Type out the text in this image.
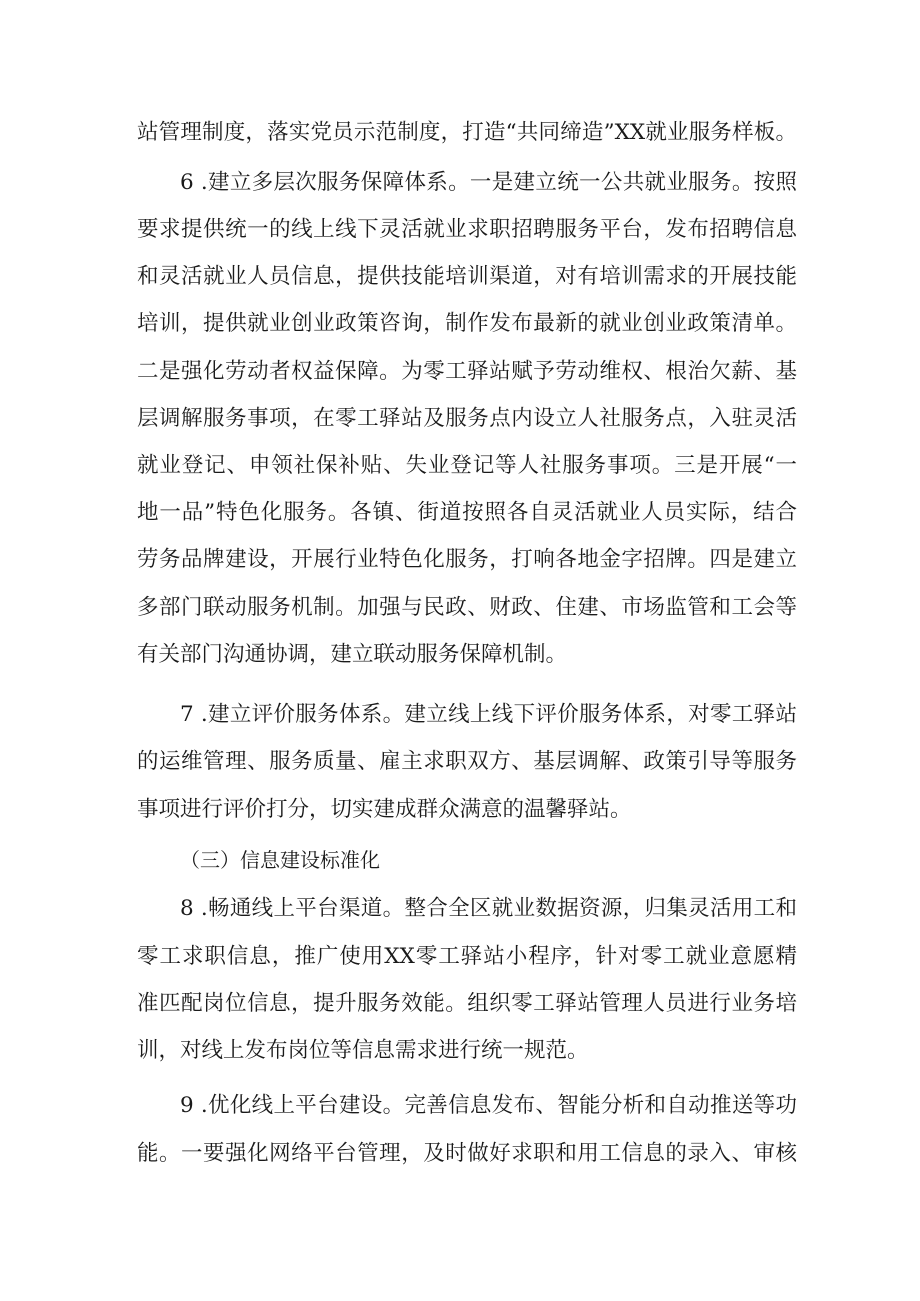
站管理制度，落实党员示范制度，打造“共同缔造”XX就业服务样板。
6 .建立多层次服务保障体系。一是建立统一公共就业服务。按照
要求提供统一的线上线下灵活就业求职招聘服务平台，发布招聘信息
和灵活就业人员信息，提供技能培训渠道，对有培训需求的开展技能
培训，提供就业创业政策咨询，制作发布最新的就业创业政策清单。
二是强化劳动者权益保障。为零工驿站赋予劳动维权、根治欠薪、基
层调解服务事项，在零工驿站及服务点内设立人社服务点，入驻灵活
就业登记、申领社保补贴、失业登记等人社服务事项。三是开展“一
地一品”特色化服务。各镇、街道按照各自灵活就业人员实际，结合
劳务品牌建设，开展行业特色化服务，打响各地金字招牌。四是建立
多部门联动服务机制。加强与民政、财政、住建、市场监管和工会等
有关部门沟通协调，建立联动服务保障机制。
7 .建立评价服务体系。建立线上线下评价服务体系，对零工驿站
的运维管理、服务质量、雇主求职双方、基层调解、政策引导等服务
事项进行评价打分，切实建成群众满意的温馨驿站。
（三）信息建设标准化
8 .畅通线上平台渠道。整合全区就业数据资源，归集灵活用工和
零工求职信息，推广使用XX零工驿站小程序，针对零工就业意愿精
准匹配岗位信息，提升服务效能。组织零工驿站管理人员进行业务培
训，对线上发布岗位等信息需求进行统一规范。
9 .优化线上平台建设。完善信息发布、智能分析和自动推送等功
能。一要强化网络平台管理，及时做好求职和用工信息的录入、审核
